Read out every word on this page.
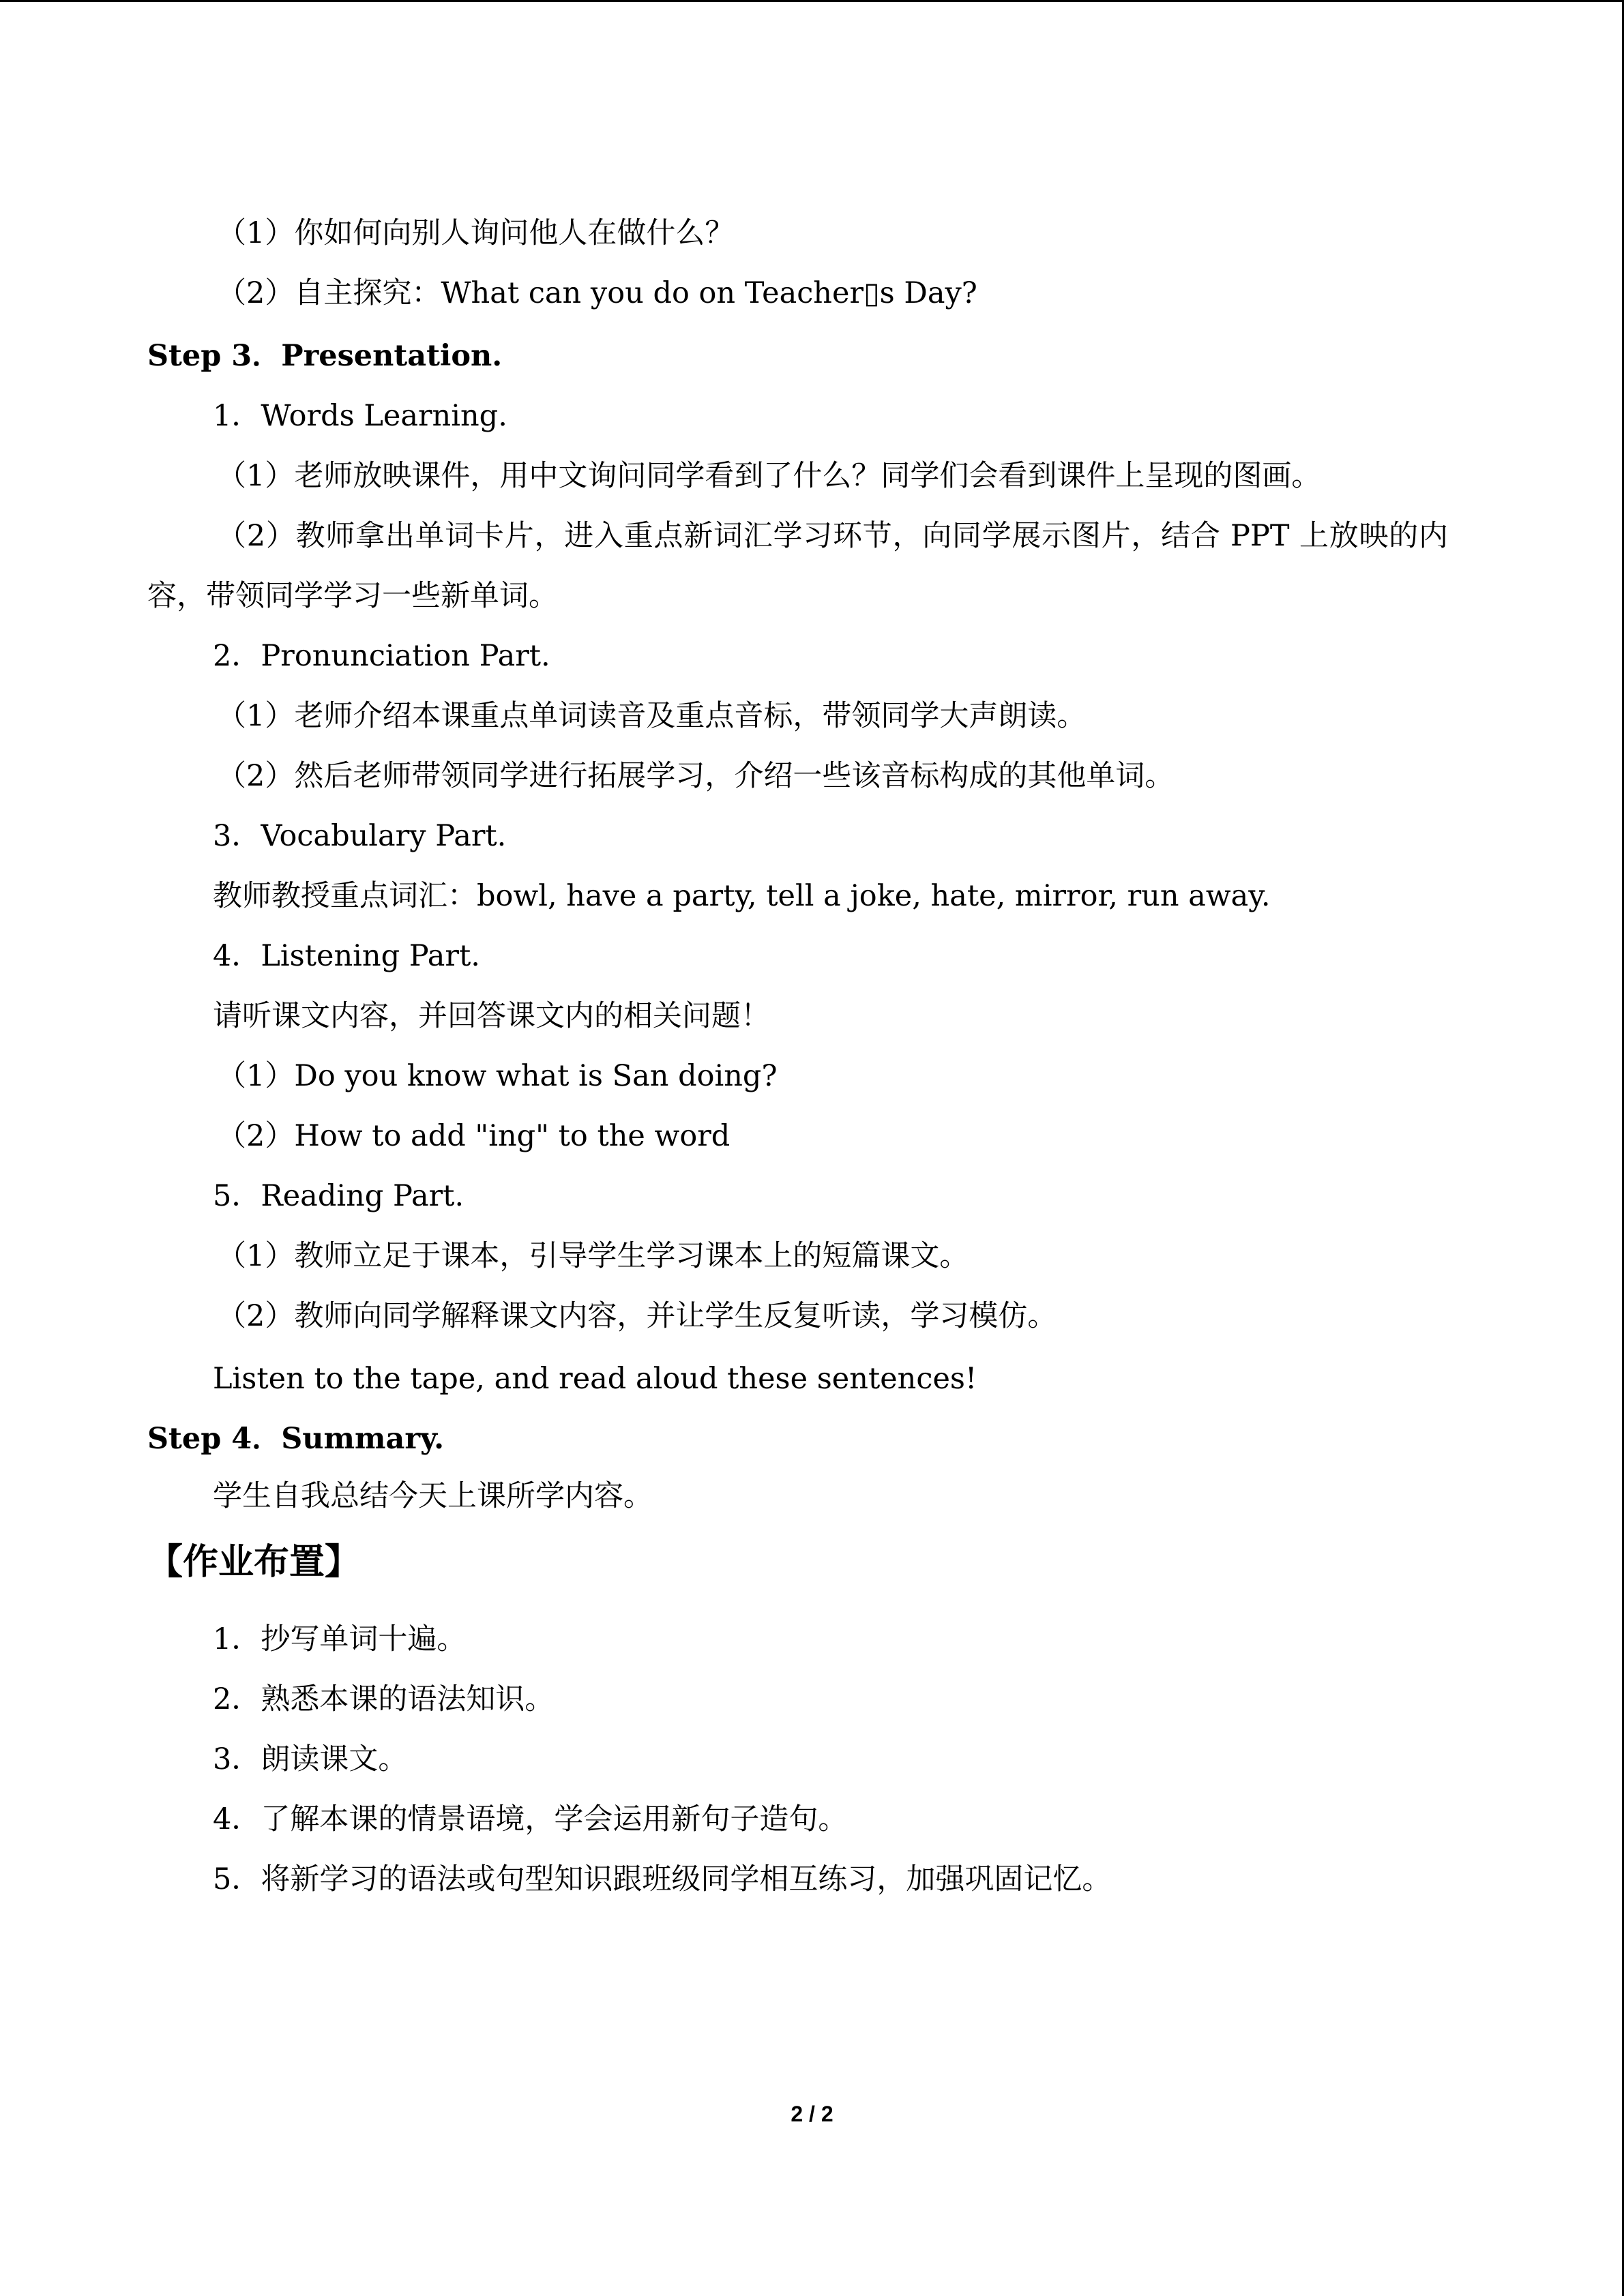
（1）你如何向别人询问他人在做什么？
（2）自主探究：What can you do on Teacher▯s Day?
Step 3．Presentation.
1．Words Learning.
（1）老师放映课件，用中文询问同学看到了什么？同学们会看到课件上呈现的图画。
（2）教师拿出单词卡片，进入重点新词汇学习环节，向同学展示图片，结合 PPT 上放映的内容，带领同学学习一些新单词。
2．Pronunciation Part.
（1）老师介绍本课重点单词读音及重点音标，带领同学大声朗读。
（2）然后老师带领同学进行拓展学习，介绍一些该音标构成的其他单词。
3．Vocabulary Part.
教师教授重点词汇：bowl, have a party, tell a joke, hate, mirror, run away.
4．Listening Part.
请听课文内容，并回答课文内的相关问题！
（1）Do you know what is San doing?
（2）How to add "ing" to the word
5．Reading Part.
（1）教师立足于课本，引导学生学习课本上的短篇课文。
（2）教师向同学解释课文内容，并让学生反复听读，学习模仿。
Listen to the tape, and read aloud these sentences!
Step 4．Summary.
学生自我总结今天上课所学内容。
【作业布置】
1．抄写单词十遍。
2．熟悉本课的语法知识。
3．朗读课文。
4．了解本课的情景语境，学会运用新句子造句。
5．将新学习的语法或句型知识跟班级同学相互练习，加强巩固记忆。
2 / 2
